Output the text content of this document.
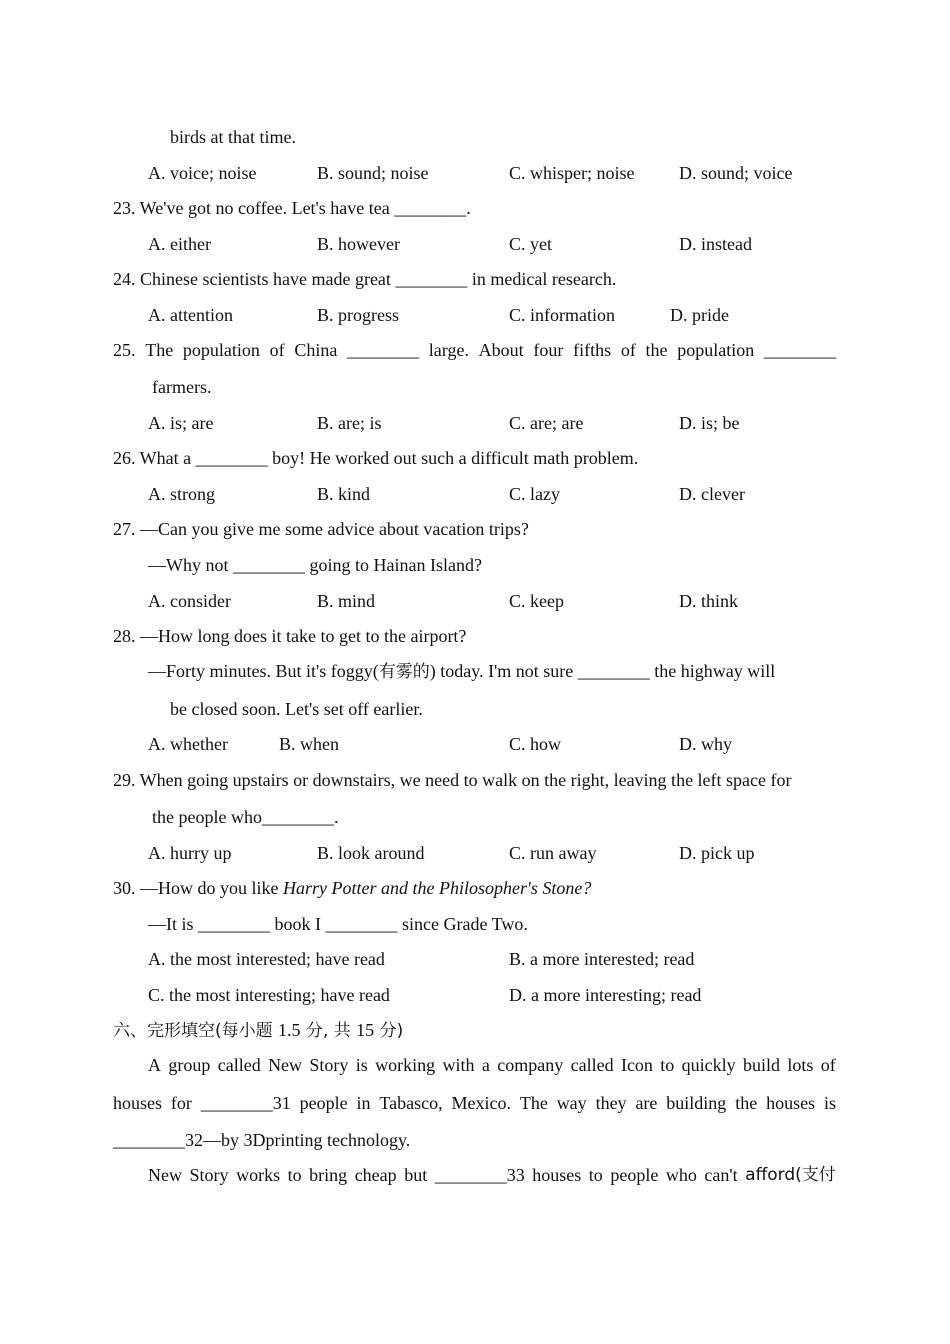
birds at that time.
A. voice; noise	B. sound; noise	C. whisper; noise D. sound; voice
23. We've got no coffee. Let's have tea ________.
A. either	B. however	C. yet	D. instead
24. Chinese scientists have made great ________ in medical research.
A. attention	B. progress	C. information	D. pride
25. The population of China ________ large. About four fifths of the population ________
farmers.
A. is; are	B. are; is	C. are; are	D. is; be
26. What a ________ boy! He worked out such a difficult math problem.
A. strong	B. kind	C. lazy	D. clever
27. —Can you give me some advice about vacation trips?
—Why not ________ going to Hainan Island?
A. consider	B. mind	C. keep	D. think
28. —How long does it take to get to the airport?
—Forty minutes. But it's foggy(有雾的) today. I'm not sure ________ the highway will
be closed soon. Let's set off earlier.
A. whether	B. when	C. how	D. why
29. When going upstairs or downstairs, we need to walk on the right, leaving the left space for
the people who________.
A. hurry up	B. look around	C. run away	D. pick up
30. —How do you like Harry Potter and the Philosopher's Stone?
—It is ________ book I ________ since Grade Two.
A. the most interested; have read	B. a more interested; read
C. the most interesting; have read	D. a more interesting; read
六、完形填空(每小题 1.5 分, 共 15 分)
A group called New Story is working with a company called Icon to quickly build lots of
houses for ________31 people in Tabasco, Mexico. The way they are building the houses is
________32—by 3Dprinting technology.
New Story works to bring cheap but ________33 houses to people who can't afford(支付
